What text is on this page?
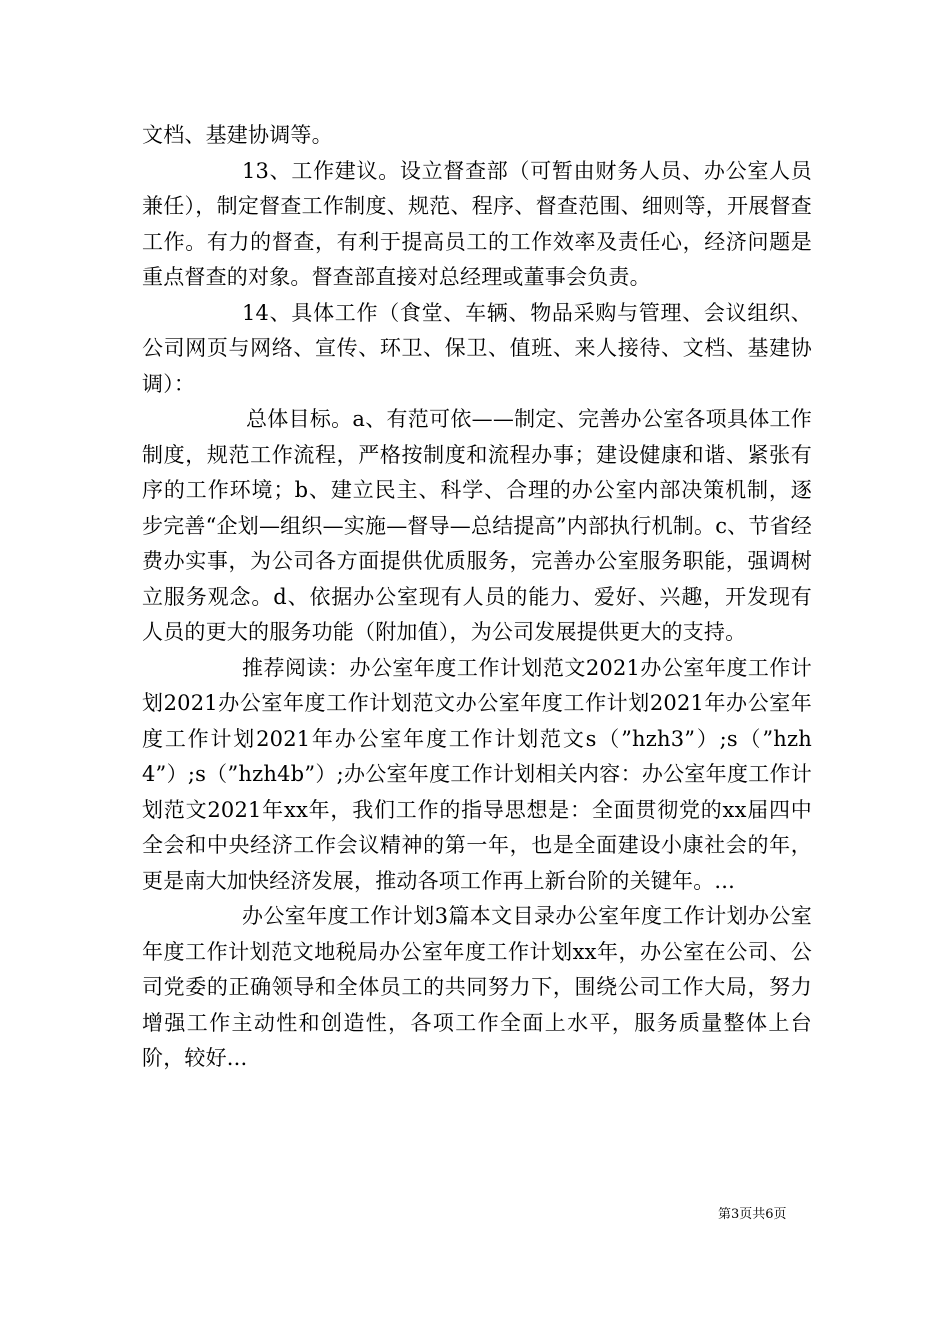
文档、基建协调等。

13、工作建议。设立督查部（可暂由财务人员、办公室人员兼任），制定督查工作制度、规范、程序、督查范围、细则等，开展督查工作。有力的督查，有利于提高员工的工作效率及责任心，经济问题是重点督查的对象。督查部直接对总经理或董事会负责。

14、具体工作（食堂、车辆、物品采购与管理、会议组织、公司网页与网络、宣传、环卫、保卫、值班、来人接待、文档、基建协调）：

总体目标。a、有范可依——制定、完善办公室各项具体工作制度，规范工作流程，严格按制度和流程办事；建设健康和谐、紧张有序的工作环境；b、建立民主、科学、合理的办公室内部决策机制，逐步完善“企划—组织—实施—督导—总结提高”内部执行机制。c、节省经费办实事，为公司各方面提供优质服务，完善办公室服务职能，强调树立服务观念。d、依据办公室现有人员的能力、爱好、兴趣，开发现有人员的更大的服务功能（附加值），为公司发展提供更大的支持。

推荐阅读：办公室年度工作计划范文2021办公室年度工作计划2021办公室年度工作计划范文办公室年度工作计划2021年办公室年度工作计划2021年办公室年度工作计划范文s（”hzh3”）;s（”hzh4”）;s（”hzh4b”）;办公室年度工作计划相关内容：办公室年度工作计划范文2021年xx年，我们工作的指导思想是：全面贯彻党的xx届四中全会和中央经济工作会议精神的第一年，也是全面建设小康社会的年，更是南大加快经济发展，推动各项工作再上新台阶的关键年。...

办公室年度工作计划3篇本文目录办公室年度工作计划办公室年度工作计划范文地税局办公室年度工作计划xx年，办公室在公司、公司党委的正确领导和全体员工的共同努力下，围绕公司工作大局，努力增强工作主动性和创造性，各项工作全面上水平，服务质量整体上台阶，较好...

第3页共6页
